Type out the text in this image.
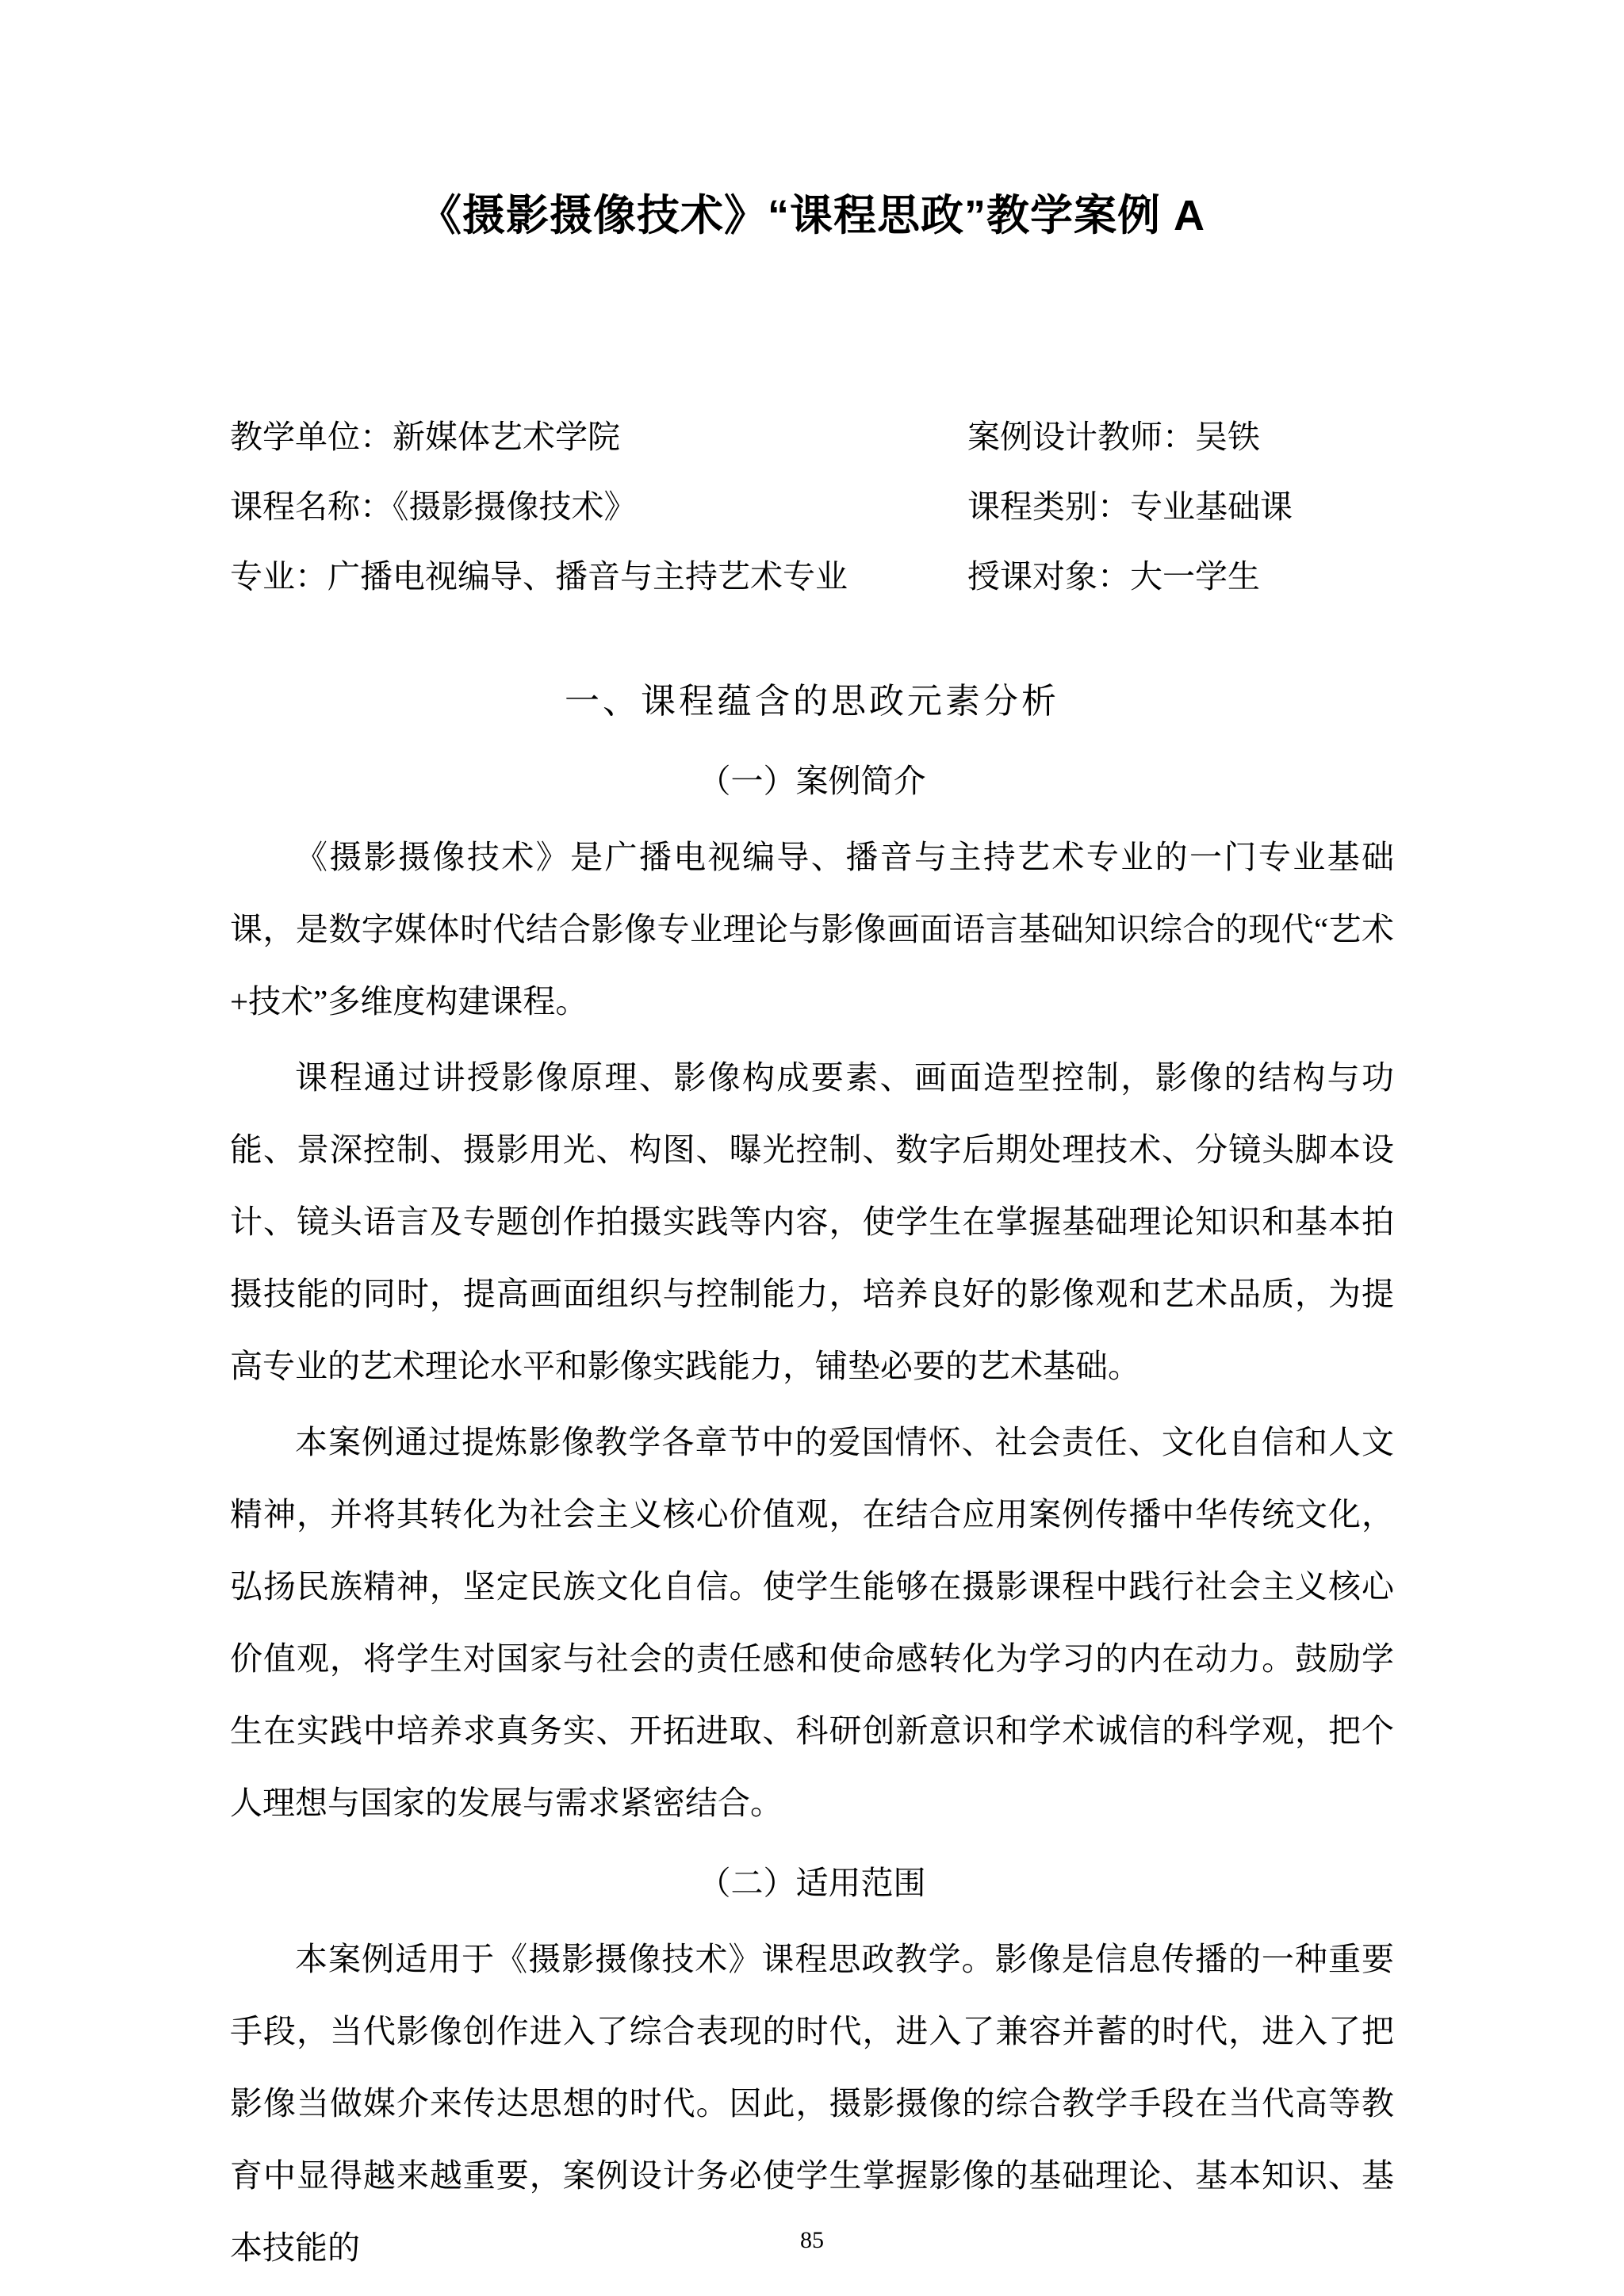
《摄影摄像技术》“课程思政”教学案例 A
教学单位：新媒体艺术学院	案例设计教师：吴铁
课程名称：《摄影摄像技术》	课程类别：专业基础课
专业：广播电视编导、播音与主持艺术专业	授课对象：大一学生
一、课程蕴含的思政元素分析
（一）案例简介

《摄影摄像技术》是广播电视编导、播音与主持艺术专业的一门专业基础课，是数字媒体时代结合影像专业理论与影像画面语言基础知识综合的现代“艺术+技术”多维度构建课程。

课程通过讲授影像原理、影像构成要素、画面造型控制，影像的结构与功能、景深控制、摄影用光、构图、曝光控制、数字后期处理技术、分镜头脚本设计、镜头语言及专题创作拍摄实践等内容，使学生在掌握基础理论知识和基本拍摄技能的同时，提高画面组织与控制能力，培养良好的影像观和艺术品质，为提高专业的艺术理论水平和影像实践能力，铺垫必要的艺术基础。

本案例通过提炼影像教学各章节中的爱国情怀、社会责任、文化自信和人文精神，并将其转化为社会主义核心价值观，在结合应用案例传播中华传统文化，弘扬民族精神，坚定民族文化自信。使学生能够在摄影课程中践行社会主义核心价值观，将学生对国家与社会的责任感和使命感转化为学习的内在动力。鼓励学生在实践中培养求真务实、开拓进取、科研创新意识和学术诚信的科学观，把个人理想与国家的发展与需求紧密结合。

（二）适用范围

本案例适用于《摄影摄像技术》课程思政教学。影像是信息传播的一种重要手段，当代影像创作进入了综合表现的时代，进入了兼容并蓄的时代，进入了把影像当做媒介来传达思想的时代。因此，摄影摄像的综合教学手段在当代高等教育中显得越来越重要，案例设计务必使学生掌握影像的基础理论、基本知识、基本技能的	85
